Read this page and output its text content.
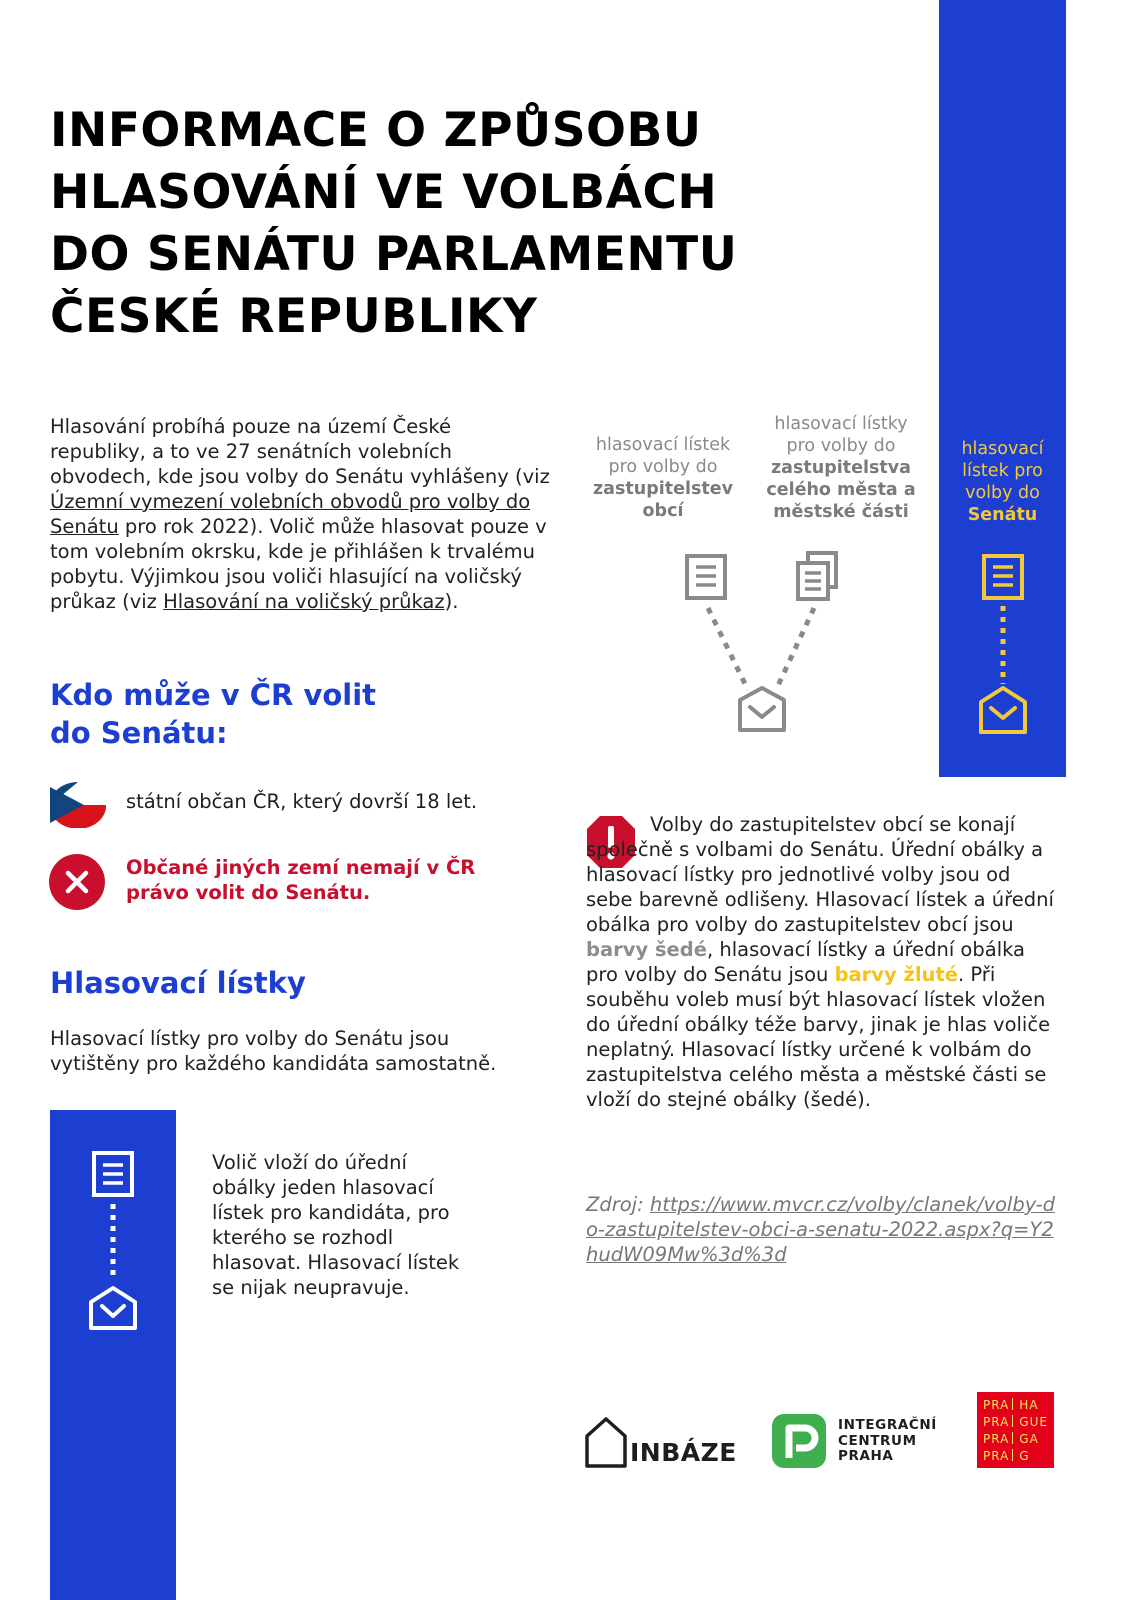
INFORMACE O ZPŮSOBU
HLASOVÁNÍ VE VOLBÁCH
DO SENÁTU PARLAMENTU
ČESKÉ REPUBLIKY
Hlasování probíhá pouze na území České republiky, a to ve 27 senátních volebních obvodech, kde jsou volby do Senátu vyhlášeny (viz Územní vymezení volebních obvodů pro volby do Senátu pro rok 2022). Volič může hlasovat pouze v tom volebním okrsku, kde je přihlášen k trvalému pobytu. Výjimkou jsou voliči hlasující na voličský průkaz (viz Hlasování na voličský průkaz).
Kdo může v ČR volit
do Senátu:
státní občan ČR, který dovrší 18 let.
Občané jiných zemí nemají v ČR právo volit do Senátu.
Hlasovací lístky
Hlasovací lístky pro volby do Senátu jsou vytištěny pro každého kandidáta samostatně.
Volič vloží do úřední obálky jeden hlasovací lístek pro kandidáta, pro kterého se rozhodl hlasovat. Hlasovací lístek se nijak neupravuje.
hlasovací lístek
pro volby do
zastupitelstev
obcí
hlasovací lístky
pro volby do
zastupitelstva
celého města a
městské části
hlasovací
lístek pro
volby do
Senátu
Volby do zastupitelstev obcí se konají společně s volbami do Senátu. Úřední obálky a hlasovací lístky pro jednotlivé volby jsou od sebe barevně odlišeny. Hlasovací lístek a úřední obálka pro volby do zastupitelstev obcí jsou barvy šedé, hlasovací lístky a úřední obálka pro volby do Senátu jsou barvy žluté. Při souběhu voleb musí být hlasovací lístek vložen do úřední obálky téže barvy, jinak je hlas voliče neplatný. Hlasovací lístky určené k volbám do zastupitelstva celého města a městské části se vloží do stejné obálky (šedé).
Zdroj: https://www.mvcr.cz/volby/clanek/volby-do-zastupitelstev-obci-a-senatu-2022.aspx?q=Y2hudW09Mw%3d%3d
INBÁZE
INTEGRAČNÍ
CENTRUM
PRAHA
PRA HA
PRA GUE
PRA GA
PRA G
